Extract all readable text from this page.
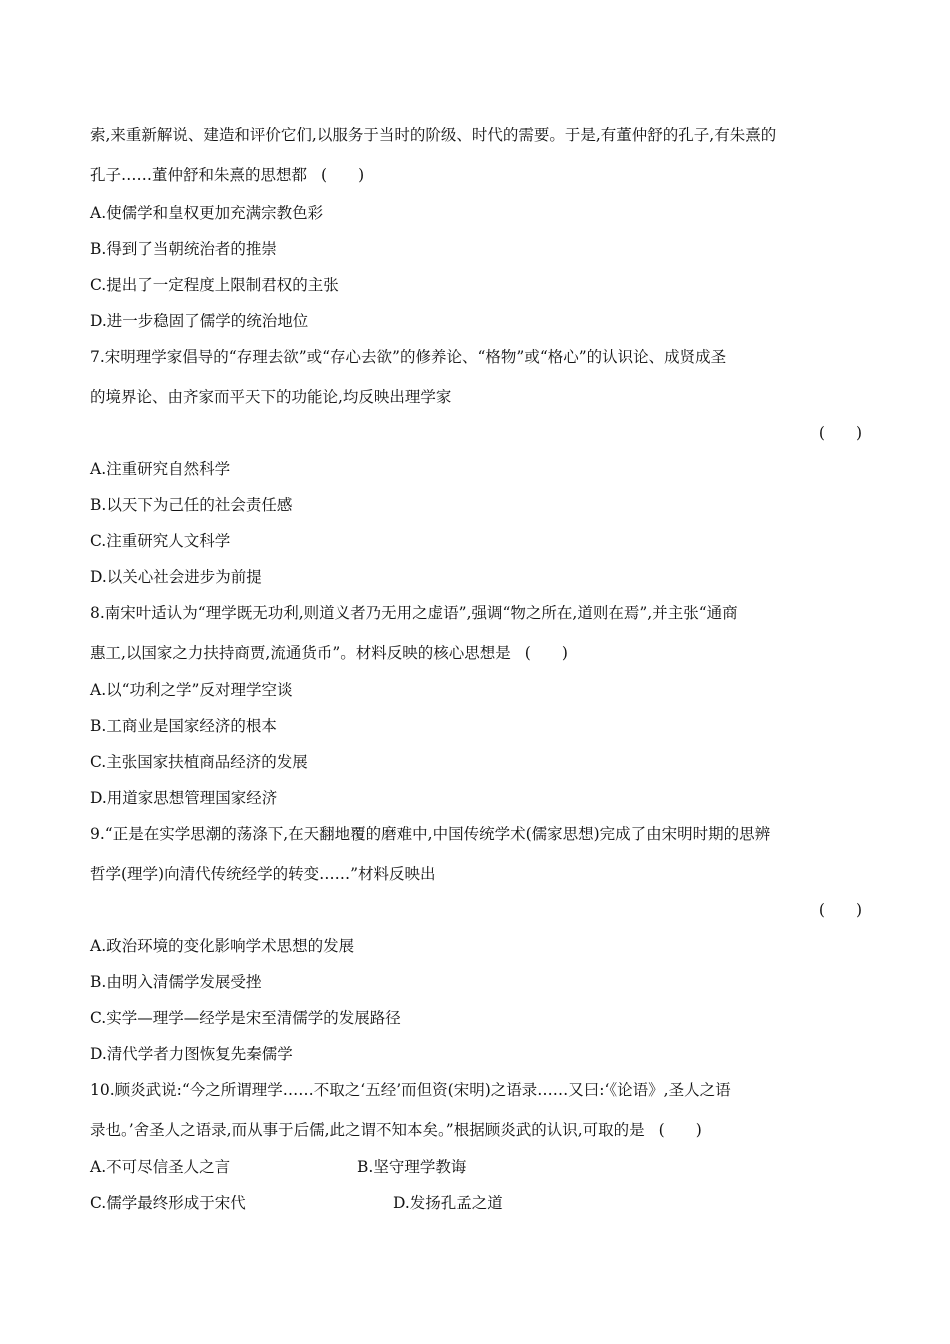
索,来重新解说、建造和评价它们,以服务于当时的阶级、时代的需要。于是,有董仲舒的孔子,有朱熹的
孔子……董仲舒和朱熹的思想都 (　　)
A.使儒学和皇权更加充满宗教色彩
B.得到了当朝统治者的推崇
C.提出了一定程度上限制君权的主张
D.进一步稳固了儒学的统治地位
7.宋明理学家倡导的“存理去欲”或“存心去欲”的修养论、“格物”或“格心”的认识论、成贤成圣
的境界论、由齐家而平天下的功能论,均反映出理学家
(　　)
A.注重研究自然科学
B.以天下为己任的社会责任感
C.注重研究人文科学
D.以关心社会进步为前提
8.南宋叶适认为“理学既无功利,则道义者乃无用之虚语”,强调“物之所在,道则在焉”,并主张“通商
惠工,以国家之力扶持商贾,流通货币”。材料反映的核心思想是 (　　)
A.以“功利之学”反对理学空谈
B.工商业是国家经济的根本
C.主张国家扶植商品经济的发展
D.用道家思想管理国家经济
9.“正是在实学思潮的荡涤下,在天翻地覆的磨难中,中国传统学术(儒家思想)完成了由宋明时期的思辨
哲学(理学)向清代传统经学的转变……”材料反映出
(　　)
A.政治环境的变化影响学术思想的发展
B.由明入清儒学发展受挫
C.实学—理学—经学是宋至清儒学的发展路径
D.清代学者力图恢复先秦儒学
10.顾炎武说:“今之所谓理学……不取之‘五经’而但资(宋明)之语录……又曰:‘《论语》,圣人之语
录也。’舍圣人之语录,而从事于后儒,此之谓不知本矣。”根据顾炎武的认识,可取的是 (　　)
A.不可尽信圣人之言	B.坚守理学教诲
C.儒学最终形成于宋代	D.发扬孔孟之道
